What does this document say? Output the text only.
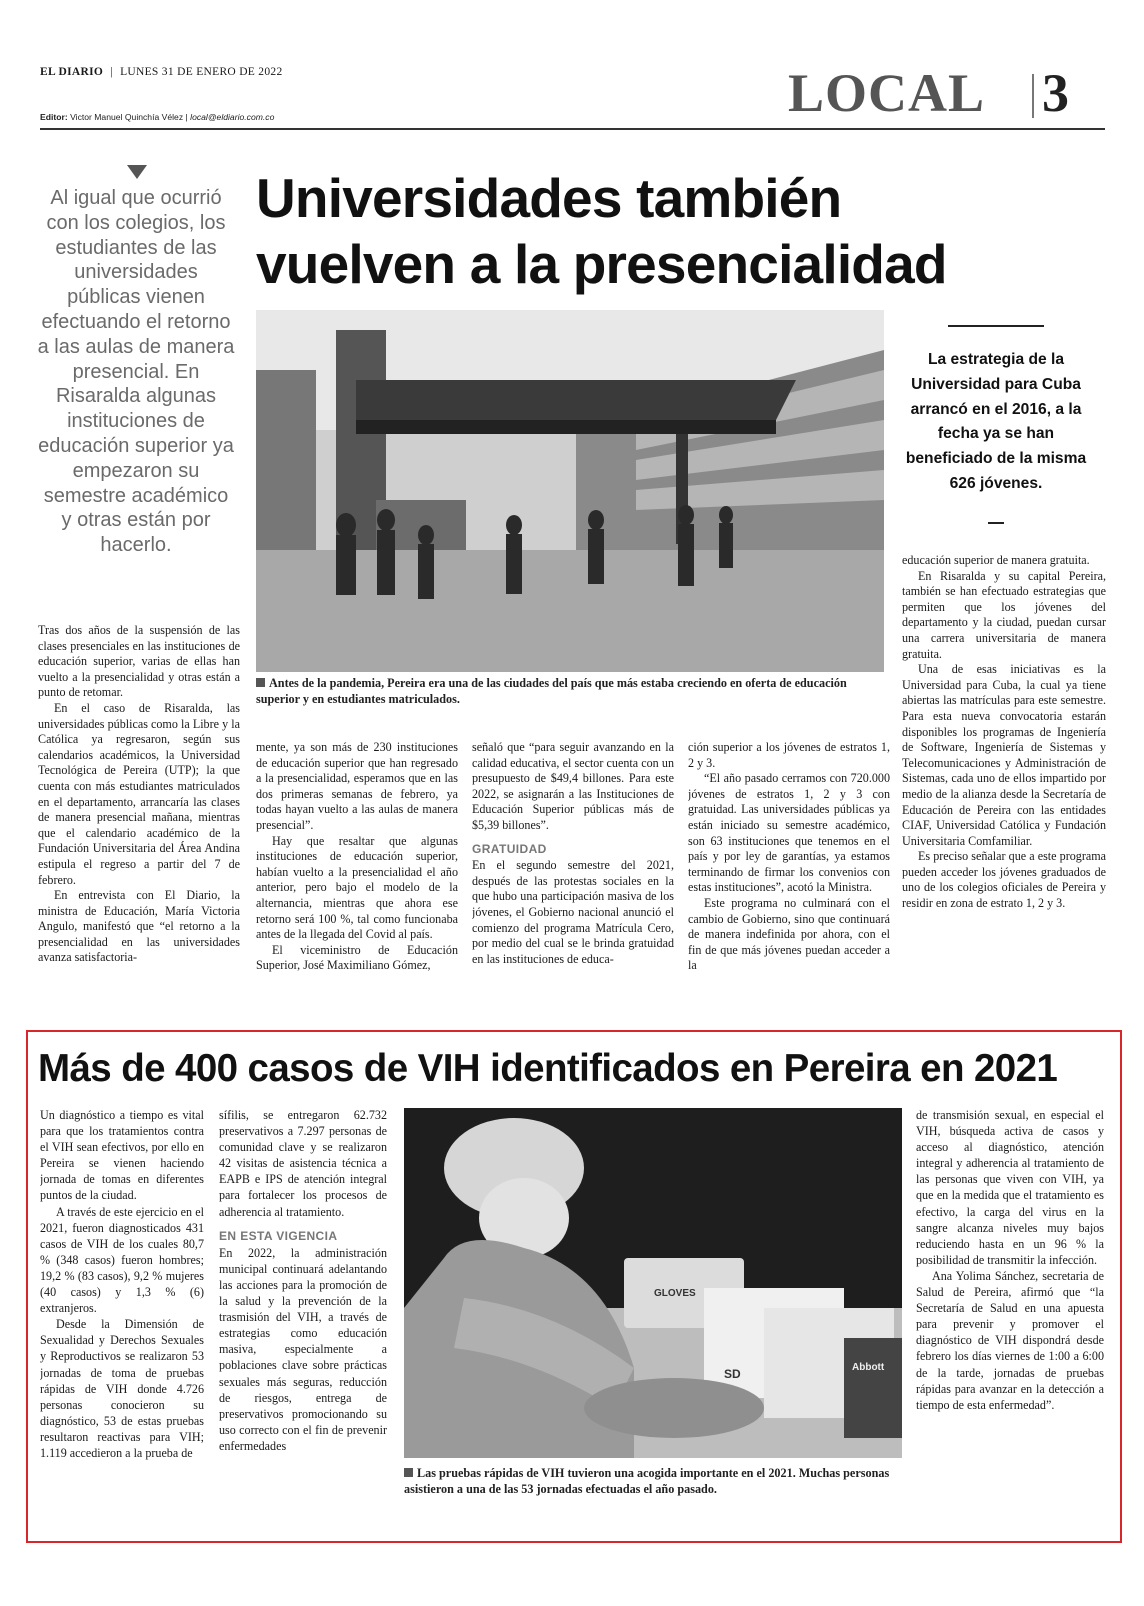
EL DIARIO | LUNES 31 DE ENERO DE 2022
Editor: Victor Manuel Quinchía Vélez | local@eldiario.com.co	LOCAL 3
Al igual que ocurrió con los colegios, los estudiantes de las universidades públicas vienen efectuando el retorno a las aulas de manera presencial. En Risaralda algunas instituciones de educación superior ya empezaron su semestre académico y otras están por hacerlo.
Universidades también
vuelven a la presencialidad
Antes de la pandemia, Pereira era una de las ciudades del país que más estaba creciendo en oferta de educación superior y en estudiantes matriculados.
La estrategia de la Universidad para Cuba arrancó en el 2016, a la fecha ya se han beneficiado de la misma 626 jóvenes.

Tras dos años de la suspensión de las clases presenciales en las instituciones de educación superior, varias de ellas han vuelto a la presencialidad y otras están a punto de retomar.

En el caso de Risaralda, las universidades públicas como la Libre y la Católica ya regresaron, según sus calendarios académicos, la Universidad Tecnológica de Pereira (UTP); la que cuenta con más estudiantes matriculados en el departamento, arrancaría las clases de manera presencial mañana, mientras que el calendario académico de la Fundación Universitaria del Área Andina estipula el regreso a partir del 7 de febrero.

En entrevista con El Diario, la ministra de Educación, María Victoria Angulo, manifestó que “el retorno a la presencialidad en las universidades avanza satisfactoria-

mente, ya son más de 230 instituciones de educación superior que han regresado a la presencialidad, esperamos que en las dos primeras semanas de febrero, ya todas hayan vuelto a las aulas de manera presencial”.

Hay que resaltar que algunas instituciones de educación superior, habían vuelto a la presencialidad el año anterior, pero bajo el modelo de la alternancia, mientras que ahora ese retorno será 100 %, tal como funcionaba antes de la llegada del Covid al país.

El viceministro de Educación Superior, José Maximiliano Gómez,

señaló que “para seguir avanzando en la calidad educativa, el sector cuenta con un presupuesto de $49,4 billones. Para este 2022, se asignarán a las Instituciones de Educación Superior públicas más de $5,39 billones”.

GRATUIDAD

En el segundo semestre del 2021, después de las protestas sociales en la que hubo una participación masiva de los jóvenes, el Gobierno nacional anunció el comienzo del programa Matrícula Cero, por medio del cual se le brinda gratuidad en las instituciones de educa-

ción superior a los jóvenes de estratos 1, 2 y 3.

“El año pasado cerramos con 720.000 jóvenes de estratos 1, 2 y 3 con gratuidad. Las universidades públicas ya están iniciado su semestre académico, son 63 instituciones que tenemos en el país y por ley de garantías, ya estamos terminando de firmar los convenios con estas instituciones”, acotó la Ministra.

Este programa no culminará con el cambio de Gobierno, sino que continuará de manera indefinida por ahora, con el fin de que más jóvenes puedan acceder a la

educación superior de manera gratuita.

En Risaralda y su capital Pereira, también se han efectuado estrategias que permiten que los jóvenes del departamento y la ciudad, puedan cursar una carrera universitaria de manera gratuita.

Una de esas iniciativas es la Universidad para Cuba, la cual ya tiene abiertas las matrículas para este semestre. Para esta nueva convocatoria estarán disponibles los programas de Ingeniería de Software, Ingeniería de Sistemas y Telecomunicaciones y Administración de Sistemas, cada uno de ellos impartido por medio de la alianza desde la Secretaría de Educación de Pereira con las entidades CIAF, Universidad Católica y Fundación Universitaria Comfamiliar.

Es preciso señalar que a este programa pueden acceder los jóvenes graduados de uno de los colegios oficiales de Pereira y residir en zona de estrato 1, 2 y 3.

Más de 400 casos de VIH identificados en Pereira en 2021
GLOVES
SD	Abbott
Las pruebas rápidas de VIH tuvieron una acogida importante en el 2021. Muchas personas asistieron a una de las 53 jornadas efectuadas el año pasado.

Un diagnóstico a tiempo es vital para que los tratamientos contra el VIH sean efectivos, por ello en Pereira se vienen haciendo jornada de tomas en diferentes puntos de la ciudad.

A través de este ejercicio en el 2021, fueron diagnosticados 431 casos de VIH de los cuales 80,7 % (348 casos) fueron hombres; 19,2 % (83 casos), 9,2 % mujeres (40 casos) y 1,3 % (6) extranjeros.

Desde la Dimensión de Sexualidad y Derechos Sexuales y Reproductivos se realizaron 53 jornadas de toma de pruebas rápidas de VIH donde 4.726 personas conocieron su diagnóstico, 53 de estas pruebas resultaron reactivas para VIH; 1.119 accedieron a la prueba de

sífilis, se entregaron 62.732 preservativos a 7.297 personas de comunidad clave y se realizaron 42 visitas de asistencia técnica a EAPB e IPS de atención integral para fortalecer los procesos de adherencia al tratamiento.

EN ESTA VIGENCIA

En 2022, la administración municipal continuará adelantando las acciones para la promoción de la salud y la prevención de la trasmisión del VIH, a través de estrategias como educación masiva, especialmente a poblaciones clave sobre prácticas sexuales más seguras, reducción de riesgos, entrega de preservativos promocionando su uso correcto con el fin de prevenir enfermedades

de transmisión sexual, en especial el VIH, búsqueda activa de casos y acceso al diagnóstico, atención integral y adherencia al tratamiento de las personas que viven con VIH, ya que en la medida que el tratamiento es efectivo, la carga del virus en la sangre alcanza niveles muy bajos reduciendo hasta en un 96 % la posibilidad de transmitir la infección.

Ana Yolima Sánchez, secretaria de Salud de Pereira, afirmó que “la Secretaría de Salud en una apuesta para prevenir y promover el diagnóstico de VIH dispondrá desde febrero los días viernes de 1:00 a 6:00 de la tarde, jornadas de pruebas rápidas para avanzar en la detección a tiempo de esta enfermedad”.
